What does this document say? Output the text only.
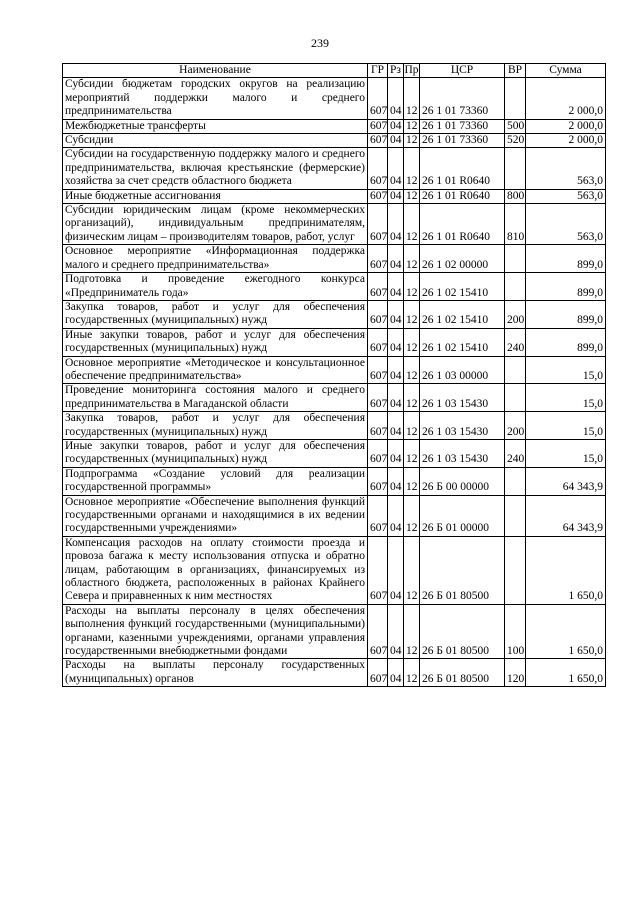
239
Наименование	ГР	Рз	Пр	ЦСР	ВР	Сумма
Субсидии бюджетам городских округов на реализацию мероприятий поддержки малого и среднего предпринимательства	607	04	12	26 1 01 73360		2 000,0
Межбюджетные трансферты	607	04	12	26 1 01 73360	500	2 000,0
Субсидии	607	04	12	26 1 01 73360	520	2 000,0
Субсидии на государственную поддержку малого и среднего предпринимательства, включая крестьянские (фермерские) хозяйства за счет средств областного бюджета	607	04	12	26 1 01 R0640		563,0
Иные бюджетные ассигнования	607	04	12	26 1 01 R0640	800	563,0
Субсидии юридическим лицам (кроме некоммерческих организаций), индивидуальным предпринимателям, физическим лицам – производителям товаров, работ, услуг	607	04	12	26 1 01 R0640	810	563,0
Основное мероприятие «Информационная поддержка малого и среднего предпринимательства»	607	04	12	26 1 02 00000		899,0
Подготовка и проведение ежегодного конкурса «Предприниматель года»	607	04	12	26 1 02 15410		899,0
Закупка товаров, работ и услуг для обеспечения государственных (муниципальных) нужд	607	04	12	26 1 02 15410	200	899,0
Иные закупки товаров, работ и услуг для обеспечения государственных (муниципальных) нужд	607	04	12	26 1 02 15410	240	899,0
Основное мероприятие «Методическое и консультационное обеспечение предпринимательства»	607	04	12	26 1 03 00000		15,0
Проведение мониторинга состояния малого и среднего предпринимательства в Магаданской области	607	04	12	26 1 03 15430		15,0
Закупка товаров, работ и услуг для обеспечения государственных (муниципальных) нужд	607	04	12	26 1 03 15430	200	15,0
Иные закупки товаров, работ и услуг для обеспечения государственных (муниципальных) нужд	607	04	12	26 1 03 15430	240	15,0
Подпрограмма «Создание условий для реализации государственной программы»	607	04	12	26 Б 00 00000		64 343,9
Основное мероприятие «Обеспечение выполнения функций государственными органами и находящимися в их ведении государственными учреждениями»	607	04	12	26 Б 01 00000		64 343,9
Компенсация расходов на оплату стоимости проезда и провоза багажа к месту использования отпуска и обратно лицам, работающим в организациях, финансируемых из областного бюджета, расположенных в районах Крайнего Севера и приравненных к ним местностях	607	04	12	26 Б 01 80500		1 650,0
Расходы на выплаты персоналу в целях обеспечения выполнения функций государственными (муниципальными) органами, казенными учреждениями, органами управления государственными внебюджетными фондами	607	04	12	26 Б 01 80500	100	1 650,0
Расходы на выплаты персоналу государственных (муниципальных) органов	607	04	12	26 Б 01 80500	120	1 650,0
